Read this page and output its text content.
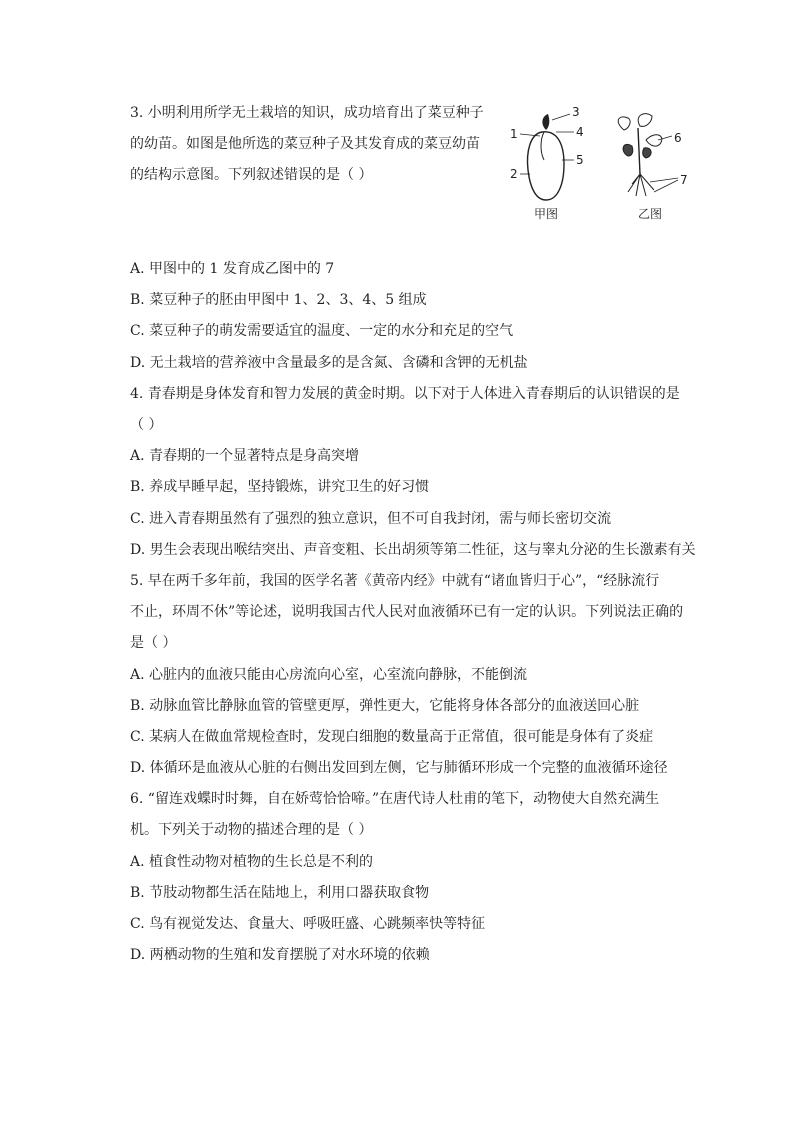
3. 小明利用所学无土栽培的知识，成功培育出了菜豆种子
的幼苗。如图是他所选的菜豆种子及其发育成的菜豆幼苗
的结构示意图。下列叙述错误的是（ ）
1
2
3
4
5
甲图
6
7
乙图
A. 甲图中的 1 发育成乙图中的 7
B. 菜豆种子的胚由甲图中 1、2、3、4、5 组成
C. 菜豆种子的萌发需要适宜的温度、一定的水分和充足的空气
D. 无土栽培的营养液中含量最多的是含氮、含磷和含钾的无机盐
4. 青春期是身体发育和智力发展的黄金时期。以下对于人体进入青春期后的认识错误的是
（ ）
A. 青春期的一个显著特点是身高突增
B. 养成早睡早起，坚持锻炼，讲究卫生的好习惯
C. 进入青春期虽然有了强烈的独立意识，但不可自我封闭，需与师长密切交流
D. 男生会表现出喉结突出、声音变粗、长出胡须等第二性征，这与睾丸分泌的生长激素有关
5. 早在两千多年前，我国的医学名著《黄帝内经》中就有“诸血皆归于心”，“经脉流行
不止，环周不休”等论述，说明我国古代人民对血液循环已有一定的认识。下列说法正确的
是（ ）
A. 心脏内的血液只能由心房流向心室，心室流向静脉，不能倒流
B. 动脉血管比静脉血管的管壁更厚，弹性更大，它能将身体各部分的血液送回心脏
C. 某病人在做血常规检查时，发现白细胞的数量高于正常值，很可能是身体有了炎症
D. 体循环是血液从心脏的右侧出发回到左侧，它与肺循环形成一个完整的血液循环途径
6. “留连戏蝶时时舞，自在娇莺恰恰啼。”在唐代诗人杜甫的笔下，动物使大自然充满生
机。下列关于动物的描述合理的是（ ）
A. 植食性动物对植物的生长总是不利的
B. 节肢动物都生活在陆地上，利用口器获取食物
C. 鸟有视觉发达、食量大、呼吸旺盛、心跳频率快等特征
D. 两栖动物的生殖和发育摆脱了对水环境的依赖
